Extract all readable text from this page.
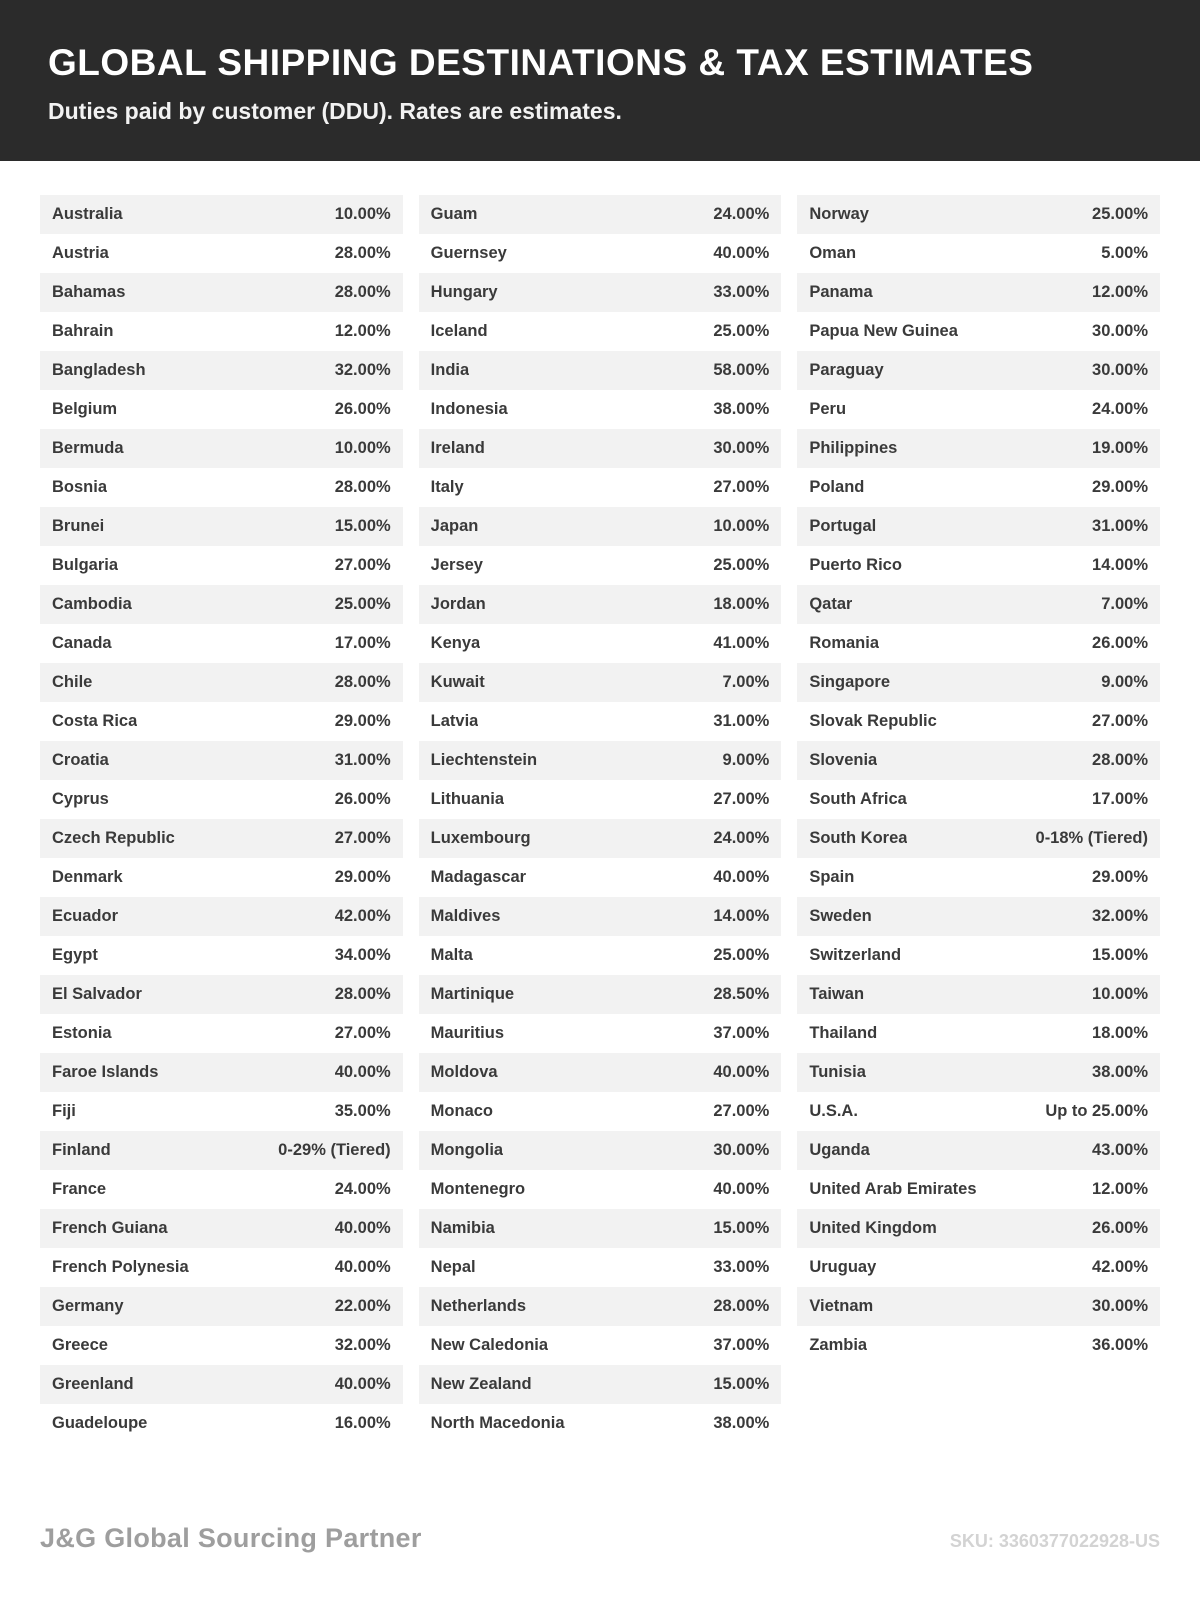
GLOBAL SHIPPING DESTINATIONS & TAX ESTIMATES
Duties paid by customer (DDU). Rates are estimates.
Australia	10.00%
Austria	28.00%
Bahamas	28.00%
Bahrain	12.00%
Bangladesh	32.00%
Belgium	26.00%
Bermuda	10.00%
Bosnia	28.00%
Brunei	15.00%
Bulgaria	27.00%
Cambodia	25.00%
Canada	17.00%
Chile	28.00%
Costa Rica	29.00%
Croatia	31.00%
Cyprus	26.00%
Czech Republic	27.00%
Denmark	29.00%
Ecuador	42.00%
Egypt	34.00%
El Salvador	28.00%
Estonia	27.00%
Faroe Islands	40.00%
Fiji	35.00%
Finland	0-29% (Tiered)
France	24.00%
French Guiana	40.00%
French Polynesia	40.00%
Germany	22.00%
Greece	32.00%
Greenland	40.00%
Guadeloupe	16.00%
Guam	24.00%
Guernsey	40.00%
Hungary	33.00%
Iceland	25.00%
India	58.00%
Indonesia	38.00%
Ireland	30.00%
Italy	27.00%
Japan	10.00%
Jersey	25.00%
Jordan	18.00%
Kenya	41.00%
Kuwait	7.00%
Latvia	31.00%
Liechtenstein	9.00%
Lithuania	27.00%
Luxembourg	24.00%
Madagascar	40.00%
Maldives	14.00%
Malta	25.00%
Martinique	28.50%
Mauritius	37.00%
Moldova	40.00%
Monaco	27.00%
Mongolia	30.00%
Montenegro	40.00%
Namibia	15.00%
Nepal	33.00%
Netherlands	28.00%
New Caledonia	37.00%
New Zealand	15.00%
North Macedonia	38.00%
Norway	25.00%
Oman	5.00%
Panama	12.00%
Papua New Guinea	30.00%
Paraguay	30.00%
Peru	24.00%
Philippines	19.00%
Poland	29.00%
Portugal	31.00%
Puerto Rico	14.00%
Qatar	7.00%
Romania	26.00%
Singapore	9.00%
Slovak Republic	27.00%
Slovenia	28.00%
South Africa	17.00%
South Korea	0-18% (Tiered)
Spain	29.00%
Sweden	32.00%
Switzerland	15.00%
Taiwan	10.00%
Thailand	18.00%
Tunisia	38.00%
U.S.A.	Up to 25.00%
Uganda	43.00%
United Arab Emirates	12.00%
United Kingdom	26.00%
Uruguay	42.00%
Vietnam	30.00%
Zambia	36.00%
J&G Global Sourcing Partner	SKU: 3360377022928-US
